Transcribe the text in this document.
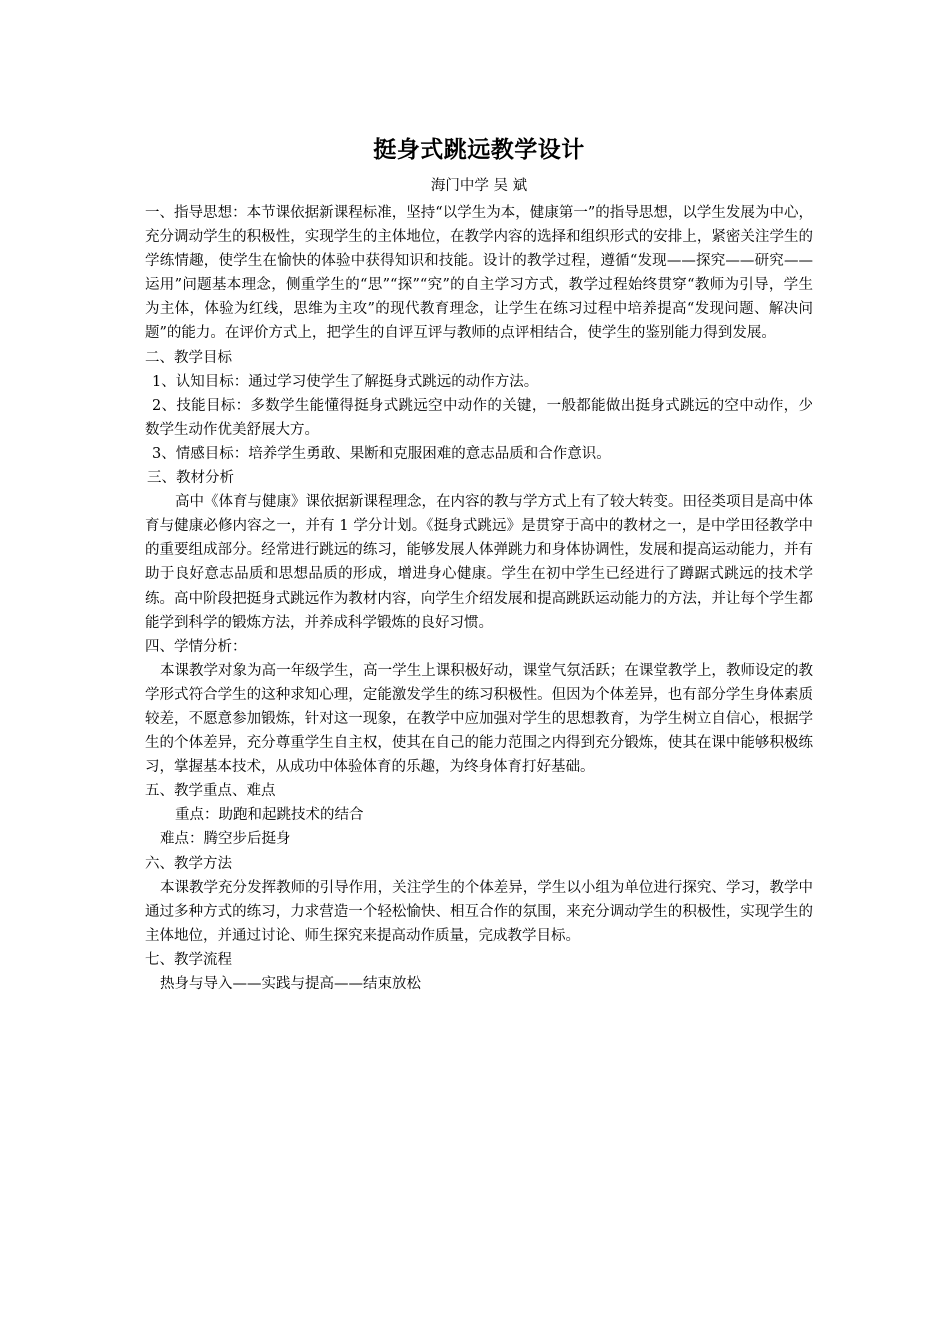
挺身式跳远教学设计
海门中学 吴 斌

一、指导思想：本节课依据新课程标准，坚持“以学生为本，健康第一”的指导思想，以学生发展为中心，充分调动学生的积极性，实现学生的主体地位，在教学内容的选择和组织形式的安排上，紧密关注学生的学练情趣，使学生在愉快的体验中获得知识和技能。设计的教学过程，遵循“发现——探究——研究——运用”问题基本理念，侧重学生的“思”“探”“究”的自主学习方式，教学过程始终贯穿“教师为引导，学生为主体，体验为红线，思维为主攻”的现代教育理念，让学生在练习过程中培养提高“发现问题、解决问题”的能力。在评价方式上，把学生的自评互评与教师的点评相结合，使学生的鉴别能力得到发展。

二、教学目标

1、认知目标：通过学习使学生了解挺身式跳远的动作方法。

2、技能目标：多数学生能懂得挺身式跳远空中动作的关键，一般都能做出挺身式跳远的空中动作，少数学生动作优美舒展大方。

3、情感目标：培养学生勇敢、果断和克服困难的意志品质和合作意识。

三、教材分析

高中《体育与健康》课依据新课程理念，在内容的教与学方式上有了较大转变。田径类项目是高中体育与健康必修内容之一，并有 1 学分计划。《挺身式跳远》是贯穿于高中的教材之一，是中学田径教学中的重要组成部分。经常进行跳远的练习，能够发展人体弹跳力和身体协调性，发展和提高运动能力，并有助于良好意志品质和思想品质的形成，增进身心健康。学生在初中学生已经进行了蹲踞式跳远的技术学练。高中阶段把挺身式跳远作为教材内容，向学生介绍发展和提高跳跃运动能力的方法，并让每个学生都能学到科学的锻炼方法，并养成科学锻炼的良好习惯。

四、学情分析：

本课教学对象为高一年级学生，高一学生上课积极好动，课堂气氛活跃；在课堂教学上，教师设定的教学形式符合学生的这种求知心理，定能激发学生的练习积极性。但因为个体差异，也有部分学生身体素质较差，不愿意参加锻炼，针对这一现象，在教学中应加强对学生的思想教育，为学生树立自信心，根据学生的个体差异，充分尊重学生自主权，使其在自己的能力范围之内得到充分锻炼，使其在课中能够积极练习，掌握基本技术，从成功中体验体育的乐趣，为终身体育打好基础。

五、教学重点、难点

重点：助跑和起跳技术的结合

难点：腾空步后挺身

六、教学方法

本课教学充分发挥教师的引导作用，关注学生的个体差异，学生以小组为单位进行探究、学习，教学中通过多种方式的练习，力求营造一个轻松愉快、相互合作的氛围，来充分调动学生的积极性，实现学生的主体地位，并通过讨论、师生探究来提高动作质量，完成教学目标。

七、教学流程

热身与导入——实践与提高——结束放松
